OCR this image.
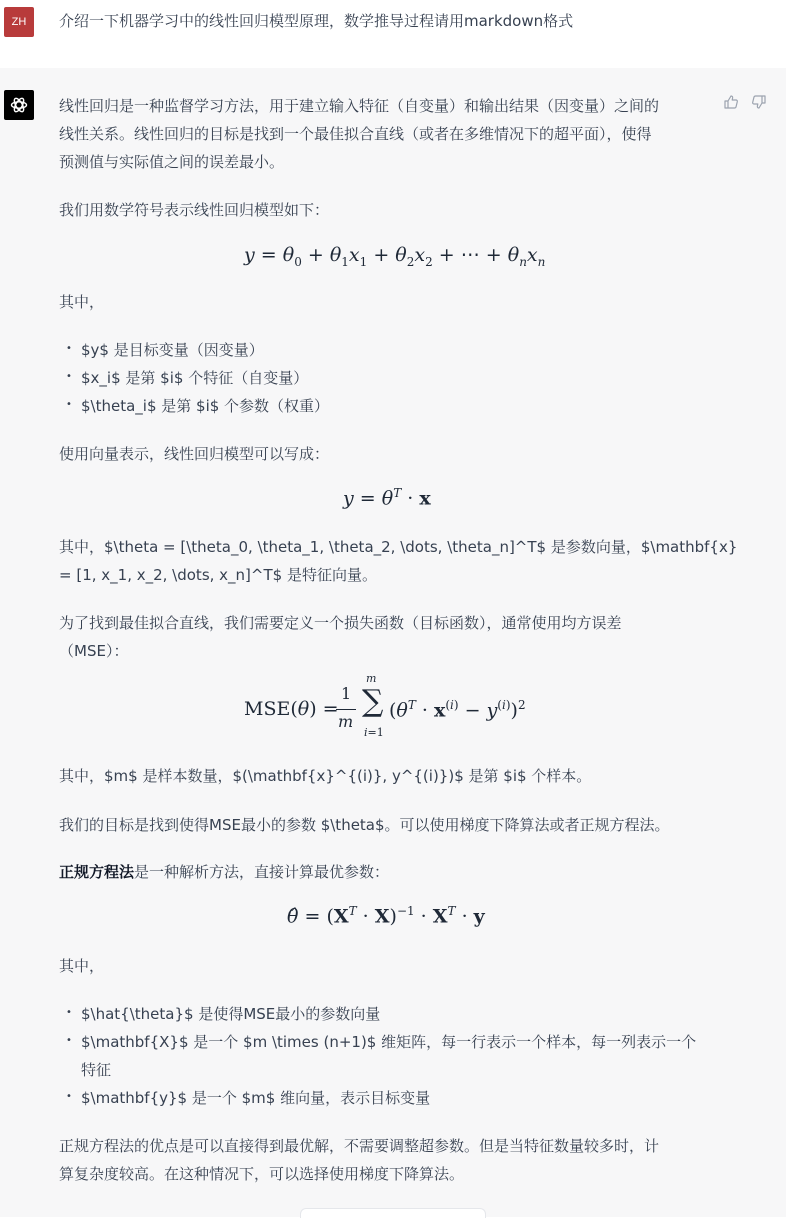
ZH	介绍一下机器学习中的线性回归模型原理，数学推导过程请用markdown格式
线性回归是一种监督学习方法，用于建立输入特征（自变量）和输出结果（因变量）之间的
线性关系。线性回归的目标是找到一个最佳拟合直线（或者在多维情况下的超平面），使得
预测值与实际值之间的误差最小。
我们用数学符号表示线性回归模型如下：
$y = \theta_0 + \theta_1x_1 + \theta_2x_2$ + ⋯ + $\theta_nx_n$
其中，
• $y$ 是目标变量（因变量）
• $x_i$ 是第 $i$ 个特征（自变量）
• $\theta_i$ 是第 $i$ 个参数（权重）
使用向量表示，线性回归模型可以写成：
$y = \theta^T \cdot x$
其中，$\theta = [\theta_0, \theta_1, \theta_2, \dots, \theta_n]^T$ 是参数向量，$\mathbf{x}
= [1, x_1, x_2, \dots, x_n]^T$ 是特征向量。
为了找到最佳拟合直线，我们需要定义一个损失函数（目标函数），通常使用均方误差
（MSE）：
MSE(θ) =
1
m
m
∑
i=1
$(\theta^T \cdot x^{(i)} - y^{(i)})^2$
其中，$m$ 是样本数量，$(\mathbf{x}^{(i)}, y^{(i)})$ 是第 $i$ 个样本。
我们的目标是找到使得MSE最小的参数 $\theta$。可以使用梯度下降算法或者正规方程法。
正规方程法是一种解析方法，直接计算最优参数：
θ̂ = $(X^T \cdot X)^{-1} \cdot X^T \cdot y$
其中，
• $\hat{\theta}$ 是使得MSE最小的参数向量
• $\mathbf{X}$ 是一个 $m \times (n+1)$ 维矩阵，每一行表示一个样本，每一列表示一个
特征
• $\mathbf{y}$ 是一个 $m$ 维向量，表示目标变量
正规方程法的优点是可以直接得到最优解，不需要调整超参数。但是当特征数量较多时，计
算复杂度较高。在这种情况下，可以选择使用梯度下降算法。
